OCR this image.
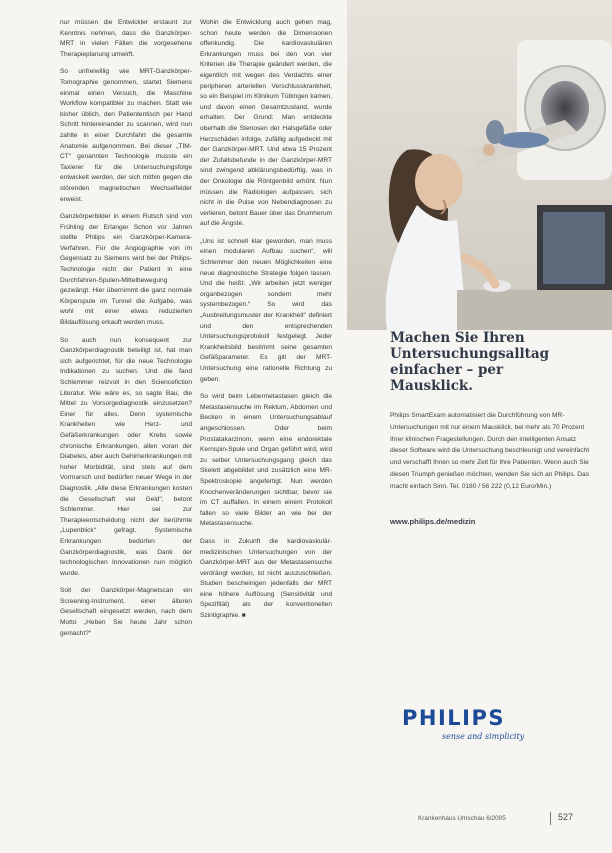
nur müssen die Entwickler erstaunt zur Kenntnis nehmen, dass die Ganzkörper-MRT in vielen Fällen die vorgesehene Therapieplanung umwirft.

So unfreiwillig wie MRT-Ganzkörper-Tomographie genommen, startet Siemens einmal einen Versuch, die Maschine Workflow kompatibler zu machen. Statt wie bisher üblich, den Patiententisch per Hand Schritt hintereinander zu scannen, wird nun zahlte in einer Durchfahrt die gesamte Anatomie aufgenommen. Bei dieser „TIM-CT“ genannten Technologie musste ein Taxierer für die Untersuchungsfolge entwickelt werden, der sich mithin gegen die störenden magnetischen Wechselfelder erweist.

Ganzkörperbilder in einem Rutsch sind von Frühling der Erlanger Schon vor Jahren stellte Philips ein Ganzkörper-Kamera-Verfahren. Für die Angiographie von im Gegensatz zu Siemens wird bei der Philips-Technologie nicht der Patient in eine Durchfahren-Spulen-Mittelbewegung gezwängt. Hier übernimmt die ganz normale Körperspule im Tunnel die Aufgabe, was wohl mit einer etwas reduzierten Bildauflösung erkauft werden muss.

So auch nun konsequent zur Ganzkörperdiagnostik beteiligt ist, hat man sich aufgerichtet, für die neue Technologie Indikationen zu suchen. Und die fand Schlemmer reizvoll in den Sciencefiction Literatur. Wie wäre es, so sagte Bau, die Mittel zu Vorsorgediagnostik einzusetzen? Einer für alles. Denn systemische Krankheiten wie Herz- und Gefäßerkrankungen oder Krebs sowie chronische Erkrankungen, allen voran der Diabetes, aber auch Gehirnerkrankungen mit hoher Morbidität, sind stets auf dem Vormarsch und bedürfen neuer Wege in der Diagnostik. „Alle diese Erkrankungen kosten die Gesellschaft viel Geld“, betont Schlemmer. Hier sei zur Therapieentscheidung nicht der berühmte „Lupenblick“ gefragt. Systemische Erkrankungen bedürfen der Ganzkörperdiagnostik, was Dank der technologischen Innovationen nun möglich wurde.

Soll der Ganzkörper-Magnetscan ein Screening-Instrument, einer älteren Gesellschaft eingesetzt werden, nach dem Motto „Heben Sie heute Jahr schon gemacht?“

Wohin die Entwicklung auch gehen mag, schon heute werden die Dimensionen offenkundig. Die kardiovaskulären Erkrankungen muss bei den von vier Kriterien die Therapie geändert werden, die eigentlich mit wegen des Verdachts einer peripheren arteriellen Verschlusskrankheit, so ein Beispiel im Klinikum Tübingen kamen, und davon einen Gesamtzustand, wurde erhalten. Der Grund: Man entdeckte oberhalb die Stenosen der Halsgefäße oder Herzschäden infolge, zufällig aufgedeckt mit der Ganzkörper-MRT. Und etwa 15 Prozent der Zufallsbefunde in der Ganzkörper-MRT sind zwingend abklärungsbedürftig, was in der Onkologie die Röntgenbild erhöht. Nun müssen die Radiologen aufpassen, sich nicht in die Pulse von Nebendiagnosen zu verlieren, betont Bauer über das Drumherum auf die Ängste.

„Uns ist schnell klar geworden, man muss einen modularen Aufbau suchen“, will Schlemmer den neuen Möglichkeiten eine neue diagnostische Strategie folgen lassen. Und die heißt: „Wir arbeiten jetzt weniger organbezogen sondern mehr systembezogen.“ So wird das „Ausbreitungsmuster der Krankheit“ definiert und den entsprechenden Untersuchungsprotokoll festgelegt. Jeder Krankheitsbild bestimmt seine gesamten Gefäßparameter. Es gilt der MRT-Untersuchung eine rationelle Richtung zu geben.

So wird beim Lebermetastasen gleich die Metastasensuche im Rektum, Abdomen und Becken in einem Untersuchungsablauf angeschlossen. Oder beim Prostatakarzinom, wenn eine endorektale Kernspin-Spule und Organ geführt wird, wird zu selber Untersuchungsgang gleich das Skelett abgebildet und zusätzlich eine MR-Spektroskopie angefertigt. Nun werden Knochenveränderungen sichtbar, bevor sie im CT auffallen. In einem einem Protokoll fallen so viele Bilder an wie bei der Metastasensuche.

Dass in Zukunft die kardiovaskulär-medizinischen Untersuchungen von der Ganzkörper-MRT aus der Metastasensuche verdrängt werden, ist nicht auszuschließen. Studien bescheinigen jedenfalls der MRT eine höhere Auflösung (Sensitivität und Spezifität) als der konventionellen Szintigraphie. ■

Machen Sie Ihren Untersuchungsalltag einfacher – per Mausklick.

Philips SmartExam automatisiert die Durchführung von MR-Untersuchungen mit nur einem Mausklick, bei mehr als 70 Prozent Ihrer klinischen Fragestellungen. Durch den intelligenten Ansatz dieser Software wird die Untersuchung beschleunigt und vereinfacht und verschafft Ihnen so mehr Zeit für Ihre Patienten. Wenn auch Sie diesen Triumph genießen möchten, wenden Sie sich an Philips. Das macht einfach Sinn. Tel. 0180 / 56 222 (0,12 Euro/Min.)

www.philips.de/medizin
PHILIPS
sense and simplicity
Krankenhaus Umschau 6/2005	527
